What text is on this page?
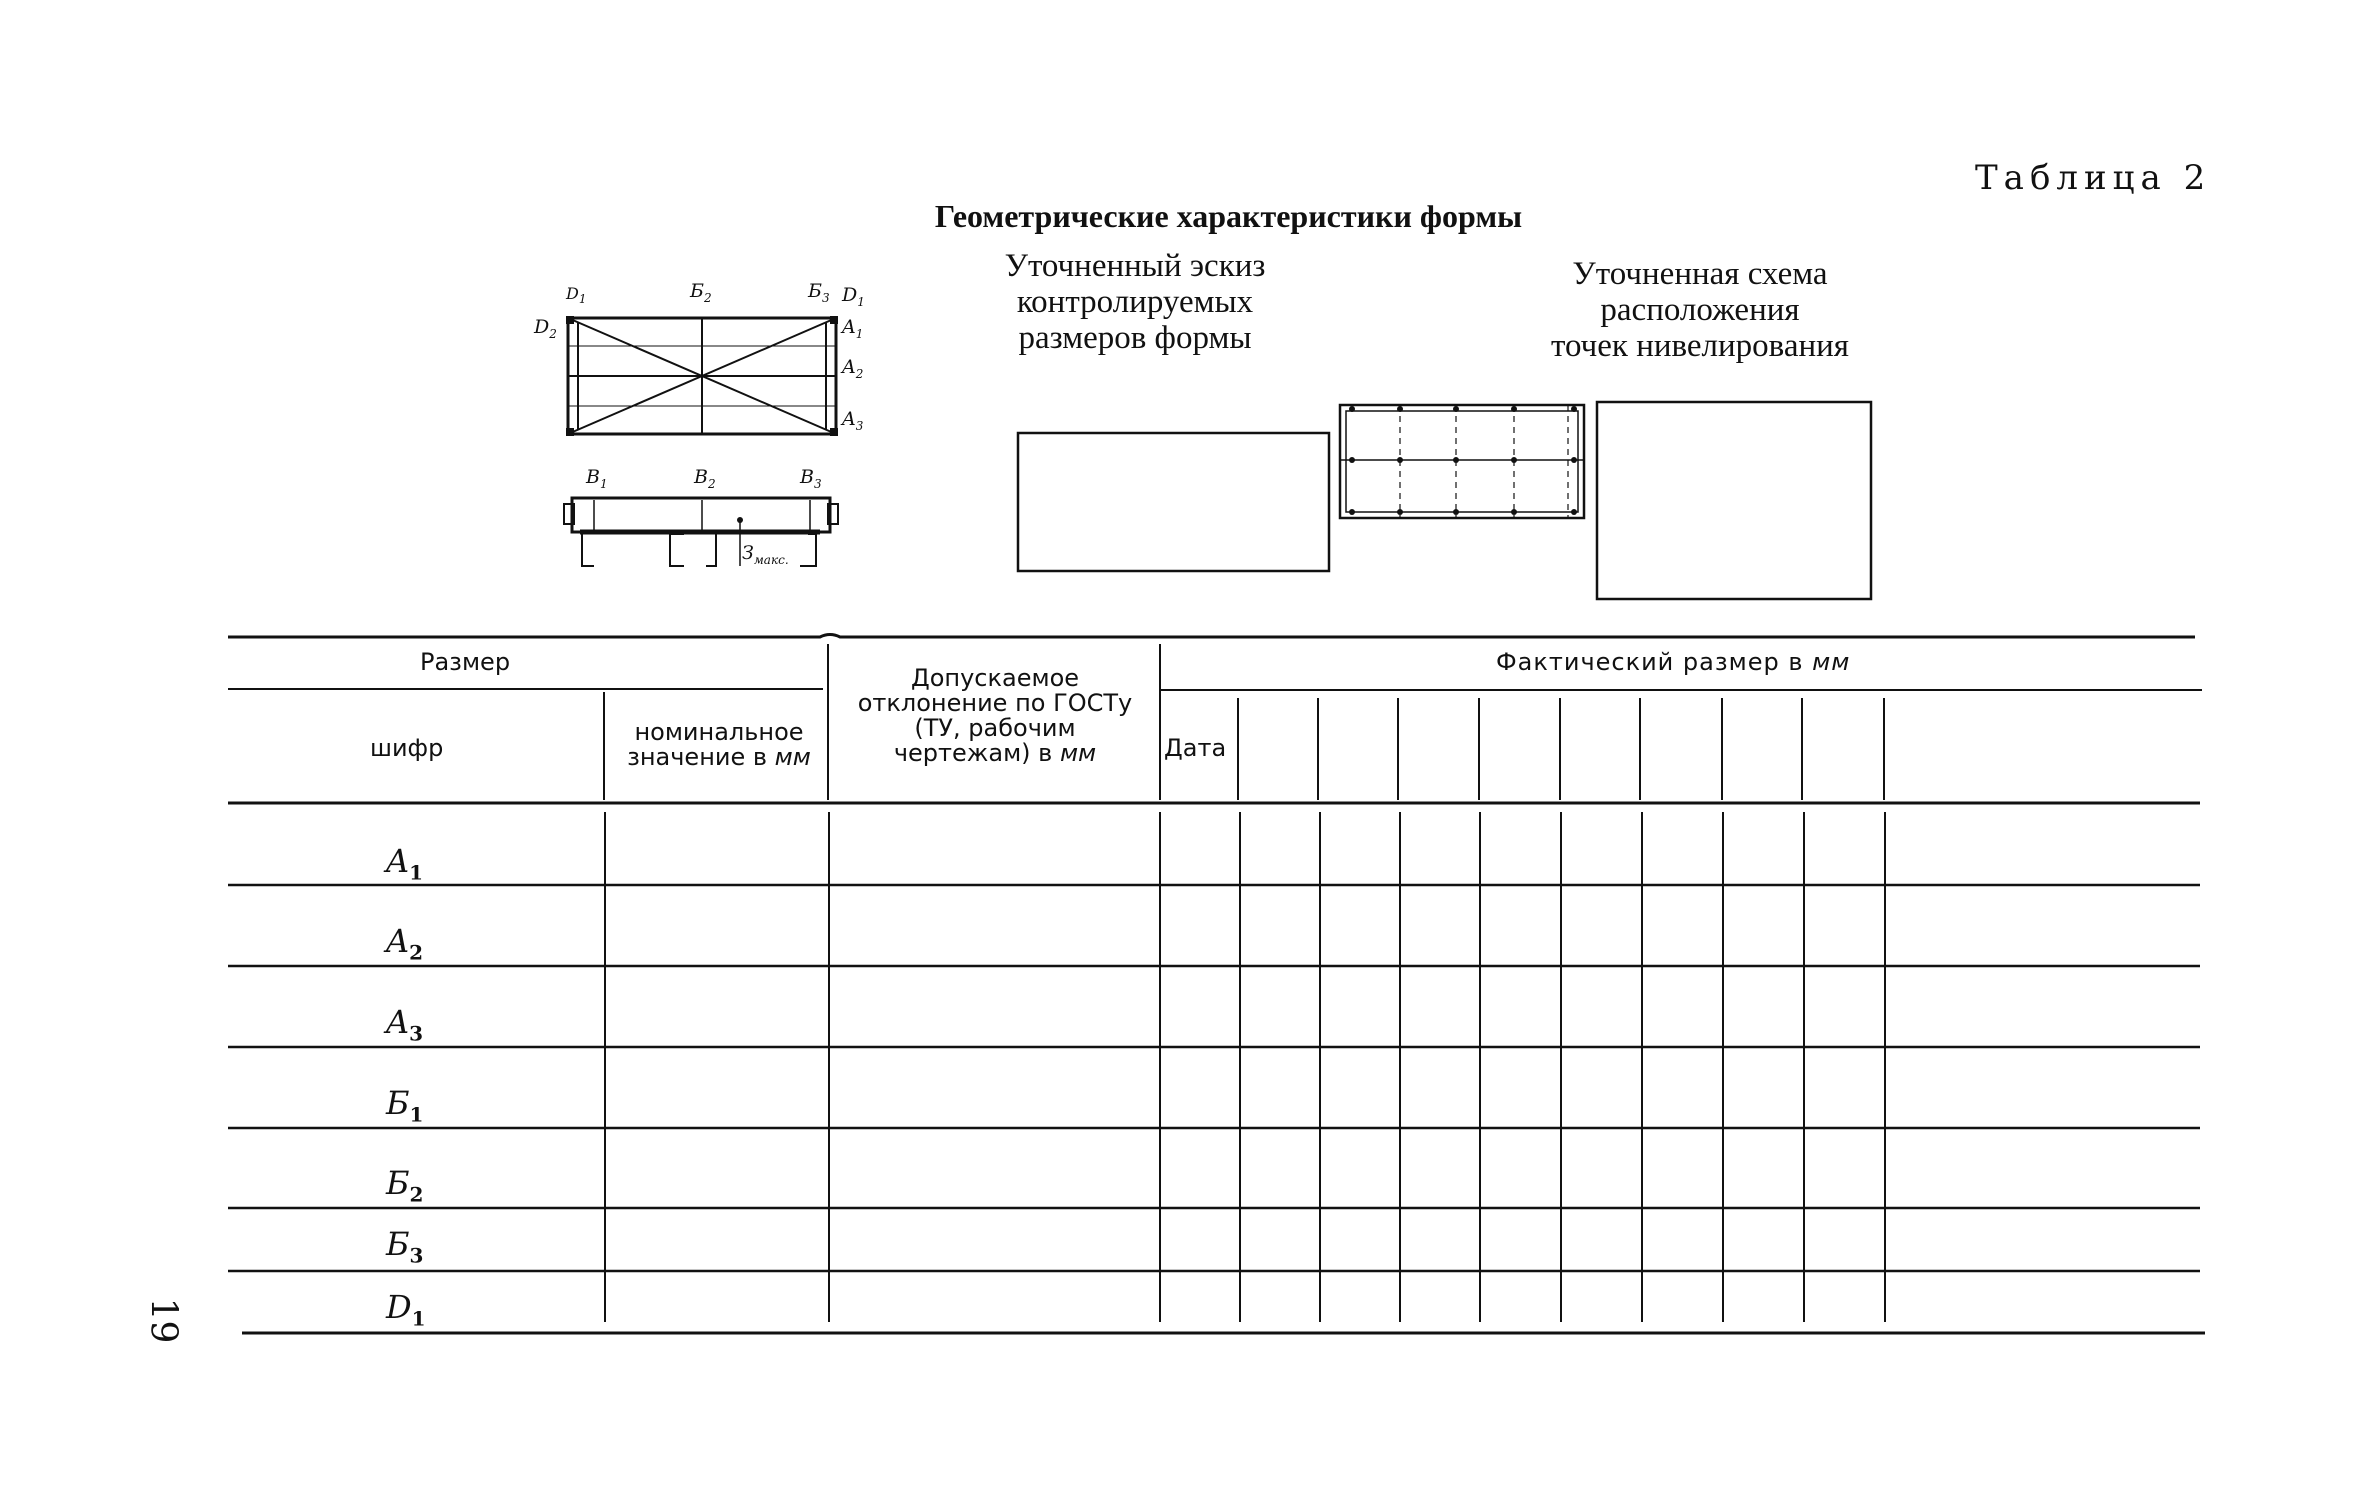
Таблица 2
Геометрические характеристики формы
Уточненный эскиз
контролируемых
размеров формы
Уточненная схема
расположения
точек нивелирования
$D_1$	$Б_2$	$Б_3$ $D_1$
$D_2$	$A_1$
$A_2$
$A_3$
$В_1$	$В_2$	$В_3$
$З_{макс.}$
Размер
шифр
номинальное
значение в мм
Допускаемое
отклонение по ГОСТу
(ТУ, рабочим
чертежам) в мм
Фактический размер в мм
Дата
$A_1$
$A_2$
$A_3$
$Б_1$
$Б_2$
$Б_3$
$D_1$
19
